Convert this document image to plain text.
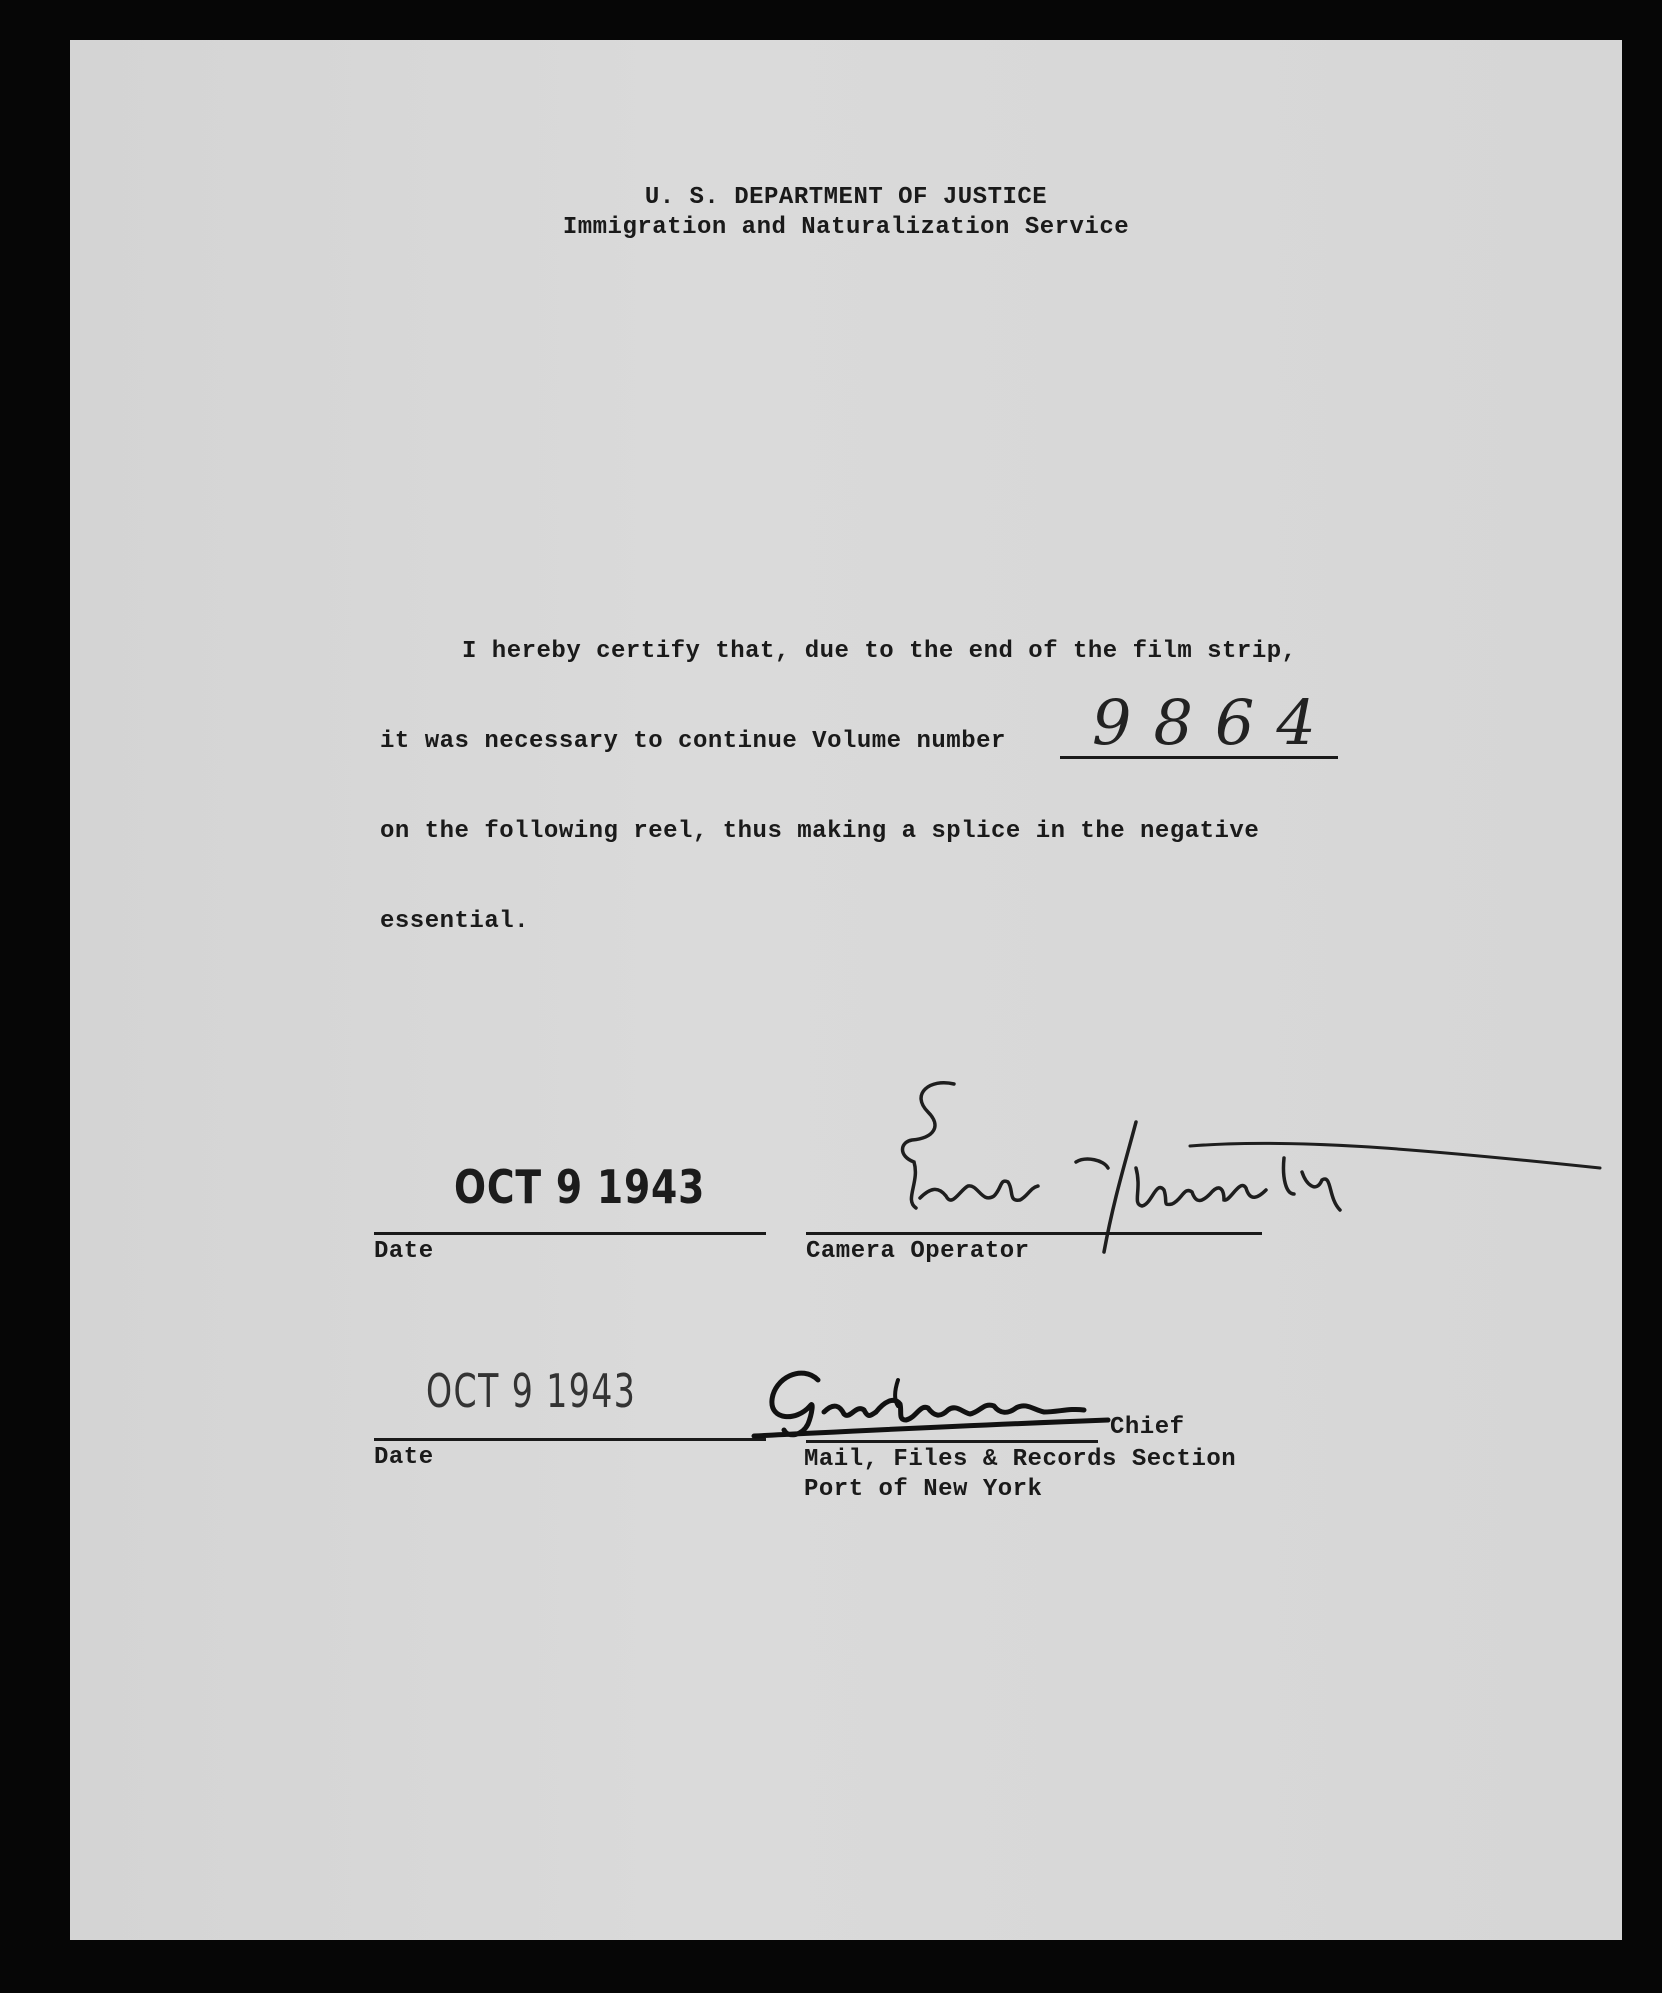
U. S. DEPARTMENT OF JUSTICE
Immigration and Naturalization Service
I hereby certify that, due to the end of the film strip,
it was necessary to continue Volume number 9864
on the following reel, thus making a splice in the negative
essential.
OCT 9 1943
Date	Camera Operator
OCT 9 1943
Date
Chief
Mail, Files & Records Section
Port of New York
